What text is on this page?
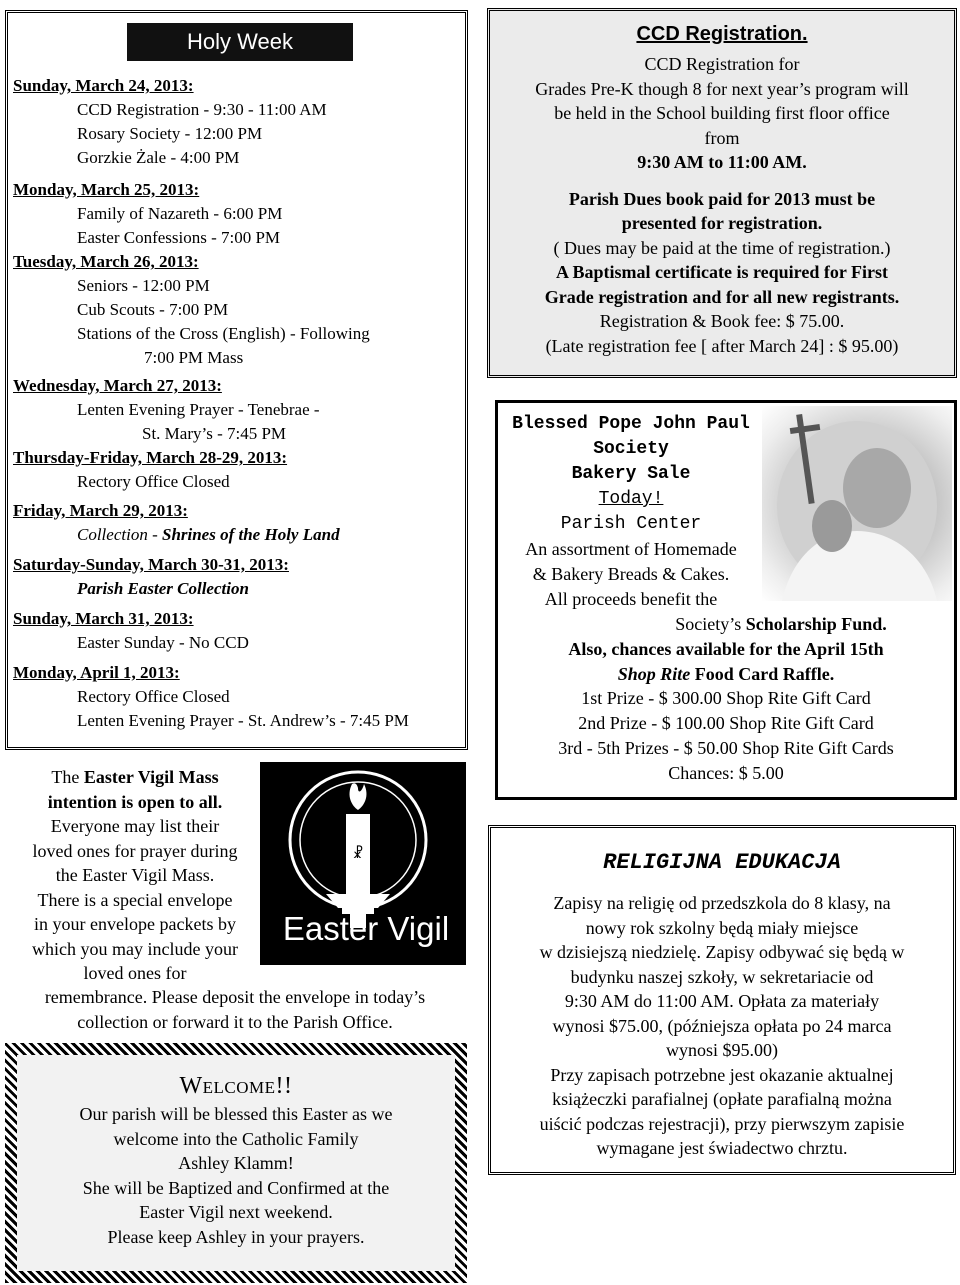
Holy Week
Sunday, March 24, 2013:
CCD Registration - 9:30 - 11:00 AM
Rosary Society - 12:00 PM
Gorzkie Żale - 4:00 PM
Monday, March 25, 2013:
Family of Nazareth - 6:00 PM
Easter Confessions - 7:00 PM
Tuesday, March 26, 2013:
Seniors - 12:00 PM
Cub Scouts - 7:00 PM
Stations of the Cross (English) - Following
7:00 PM Mass
Wednesday, March 27, 2013:
Lenten Evening Prayer - Tenebrae -
St. Mary’s - 7:45 PM
Thursday-Friday, March 28-29, 2013:
Rectory Office Closed
Friday, March 29, 2013:
Collection - Shrines of the Holy Land
Saturday-Sunday, March 30-31, 2013:
Parish Easter Collection
Sunday, March 31, 2013:
Easter Sunday - No CCD
Monday, April 1, 2013:
Rectory Office Closed
Lenten Evening Prayer - St. Andrew’s - 7:45 PM
The Easter Vigil Mass
intention is open to all.
Everyone may list their
loved ones for prayer during
the Easter Vigil Mass.
There is a special envelope
in your envelope packets by
which you may include your
loved ones for
remembrance. Please deposit the envelope in today’s
collection or forward it to the Parish Office.
☧
Easter Vigil
Welcome!!
Our parish will be blessed this Easter as we
welcome into the Catholic Family
Ashley Klamm!
She will be Baptized and Confirmed at the
Easter Vigil next weekend.
Please keep Ashley in your prayers.
CCD Registration.
CCD Registration for
Grades Pre-K though 8 for next year’s program will
be held in the School building first floor office
from
9:30 AM to 11:00 AM.
Parish Dues book paid for 2013 must be
presented for registration.
( Dues may be paid at the time of registration.)
A Baptismal certificate is required for First
Grade registration and for all new registrants.
Registration & Book fee: $ 75.00.
(Late registration fee [ after March 24] : $ 95.00)
Blessed Pope John Paul
Society
Bakery Sale
Today!
Parish Center
An assortment of Homemade
& Bakery Breads & Cakes.
All proceeds benefit the
Society’s Scholarship Fund.
Also, chances available for the April 15th
Shop Rite Food Card Raffle.
1st Prize - $ 300.00 Shop Rite Gift Card
2nd Prize - $ 100.00 Shop Rite Gift Card
3rd - 5th Prizes - $ 50.00 Shop Rite Gift Cards
Chances: $ 5.00
RELIGIJNA EDUKACJA
Zapisy na religię od przedszkola do 8 klasy, na
nowy rok szkolny będą miały miejsce
w dzisiejszą niedzielę. Zapisy odbywać się będą w
budynku naszej szkoły, w sekretariacie od
9:30 AM do 11:00 AM. Opłata za materiały
wynosi $75.00, (późniejsza opłata po 24 marca
wynosi $95.00)
Przy zapisach potrzebne jest okazanie aktualnej
książeczki parafialnej (opłate parafialną można
uiścić podczas rejestracji), przy pierwszym zapisie
wymagane jest świadectwo chrztu.
